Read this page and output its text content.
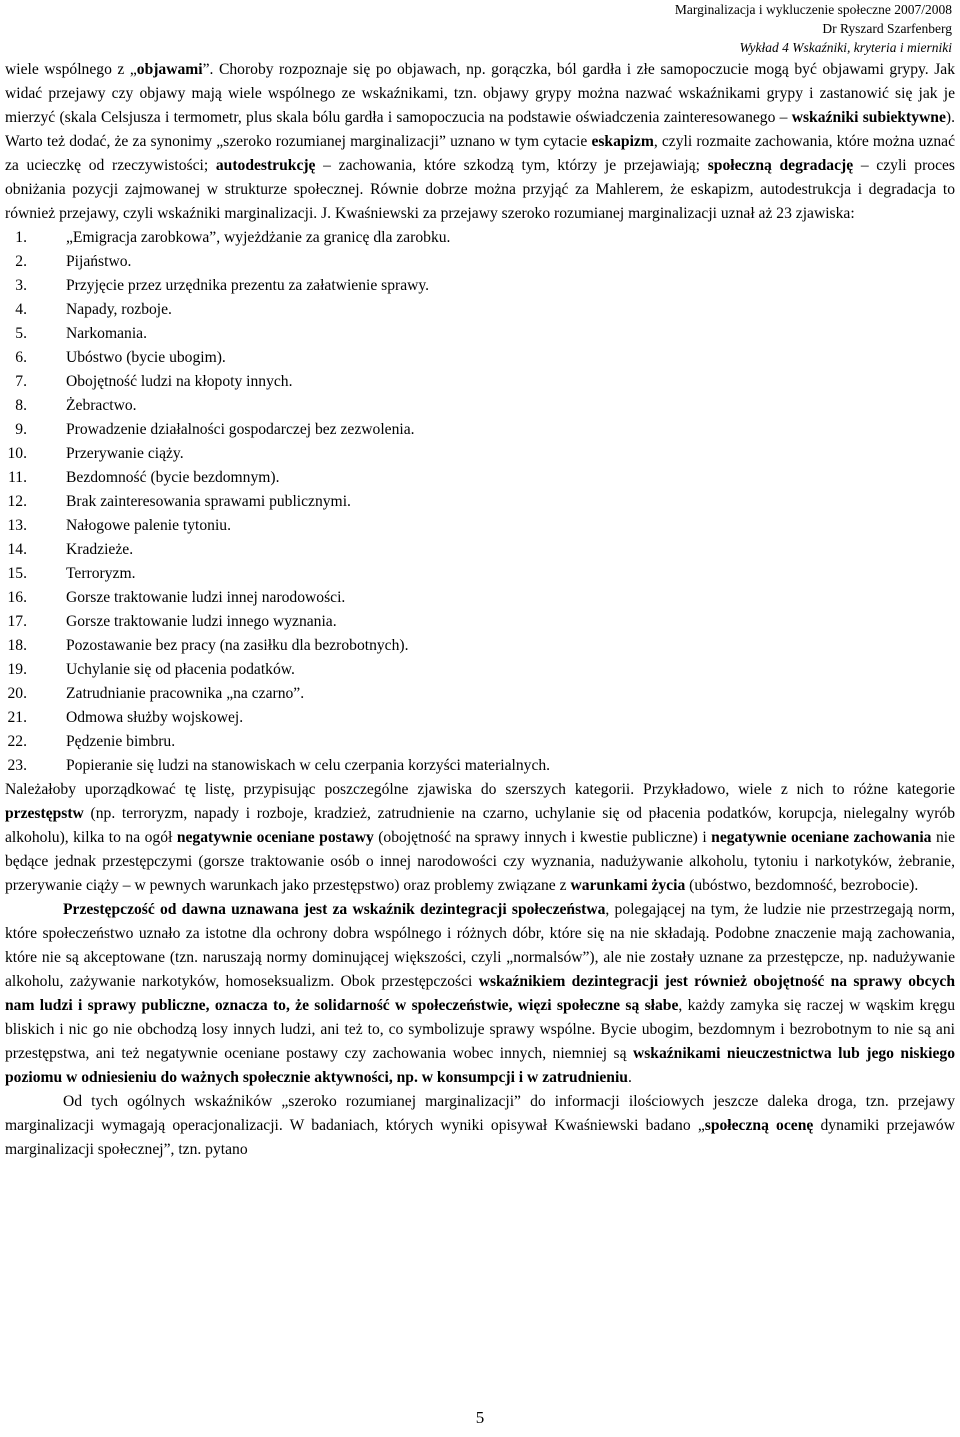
Marginalizacja i wykluczenie społeczne 2007/2008
Dr Ryszard Szarfenberg
Wykład 4 Wskaźniki, kryteria i mierniki

wiele wspólnego z „objawami”. Choroby rozpoznaje się po objawach, np. gorączka, ból gardła i złe samopoczucie mogą być objawami grypy. Jak widać przejawy czy objawy mają wiele wspólnego ze wskaźnikami, tzn. objawy grypy można nazwać wskaźnikami grypy i zastanowić się jak je mierzyć (skala Celsjusza i termometr, plus skala bólu gardła i samopoczucia na podstawie oświadczenia zainteresowanego – wskaźniki subiektywne). Warto też dodać, że za synonimy „szeroko rozumianej marginalizacji” uznano w tym cytacie eskapizm, czyli rozmaite zachowania, które można uznać za ucieczkę od rzeczywistości; autodestrukcję – zachowania, które szkodzą tym, którzy je przejawiają; społeczną degradację – czyli proces obniżania pozycji zajmowanej w strukturze społecznej. Równie dobrze można przyjąć za Mahlerem, że eskapizm, autodestrukcja i degradacja to również przejawy, czyli wskaźniki marginalizacji. J. Kwaśniewski za przejawy szeroko rozumianej marginalizacji uznał aż 23 zjawiska:

1.	„Emigracja zarobkowa”, wyjeżdżanie za granicę dla zarobku.
2.	Pijaństwo.
3.	Przyjęcie przez urzędnika prezentu za załatwienie sprawy.
4.	Napady, rozboje.
5.	Narkomania.
6.	Ubóstwo (bycie ubogim).
7.	Obojętność ludzi na kłopoty innych.
8.	Żebractwo.
9.	Prowadzenie działalności gospodarczej bez zezwolenia.
10.	Przerywanie ciąży.
11.	Bezdomność (bycie bezdomnym).
12.	Brak zainteresowania sprawami publicznymi.
13.	Nałogowe palenie tytoniu.
14.	Kradzieże.
15.	Terroryzm.
16.	Gorsze traktowanie ludzi innej narodowości.
17.	Gorsze traktowanie ludzi innego wyznania.
18.	Pozostawanie bez pracy (na zasiłku dla bezrobotnych).
19.	Uchylanie się od płacenia podatków.
20.	Zatrudnianie pracownika „na czarno”.
21.	Odmowa służby wojskowej.
22.	Pędzenie bimbru.
23.	Popieranie się ludzi na stanowiskach w celu czerpania korzyści materialnych.

Należałoby uporządkować tę listę, przypisując poszczególne zjawiska do szerszych kategorii. Przykładowo, wiele z nich to różne kategorie przestępstw (np. terroryzm, napady i rozboje, kradzież, zatrudnienie na czarno, uchylanie się od płacenia podatków, korupcja, nielegalny wyrób alkoholu), kilka to na ogół negatywnie oceniane postawy (obojętność na sprawy innych i kwestie publiczne) i negatywnie oceniane zachowania nie będące jednak przestępczymi (gorsze traktowanie osób o innej narodowości czy wyznania, nadużywanie alkoholu, tytoniu i narkotyków, żebranie, przerywanie ciąży – w pewnych warunkach jako przestępstwo) oraz problemy związane z warunkami życia (ubóstwo, bezdomność, bezrobocie).

Przestępczość od dawna uznawana jest za wskaźnik dezintegracji społeczeństwa, polegającej na tym, że ludzie nie przestrzegają norm, które społeczeństwo uznało za istotne dla ochrony dobra wspólnego i różnych dóbr, które się na nie składają. Podobne znaczenie mają zachowania, które nie są akceptowane (tzn. naruszają normy dominującej większości, czyli „normalsów”), ale nie zostały uznane za przestępcze, np. nadużywanie alkoholu, zażywanie narkotyków, homoseksualizm. Obok przestępczości wskaźnikiem dezintegracji jest również obojętność na sprawy obcych nam ludzi i sprawy publiczne, oznacza to, że solidarność w społeczeństwie, więzi społeczne są słabe, każdy zamyka się raczej w wąskim kręgu bliskich i nic go nie obchodzą losy innych ludzi, ani też to, co symbolizuje sprawy wspólne. Bycie ubogim, bezdomnym i bezrobotnym to nie są ani przestępstwa, ani też negatywnie oceniane postawy czy zachowania wobec innych, niemniej są wskaźnikami nieuczestnictwa lub jego niskiego poziomu w odniesieniu do ważnych społecznie aktywności, np. w konsumpcji i w zatrudnieniu.

Od tych ogólnych wskaźników „szeroko rozumianej marginalizacji” do informacji ilościowych jeszcze daleka droga, tzn. przejawy marginalizacji wymagają operacjonalizacji. W badaniach, których wyniki opisywał Kwaśniewski badano „społeczną ocenę dynamiki przejawów marginalizacji społecznej”, tzn. pytano

5
